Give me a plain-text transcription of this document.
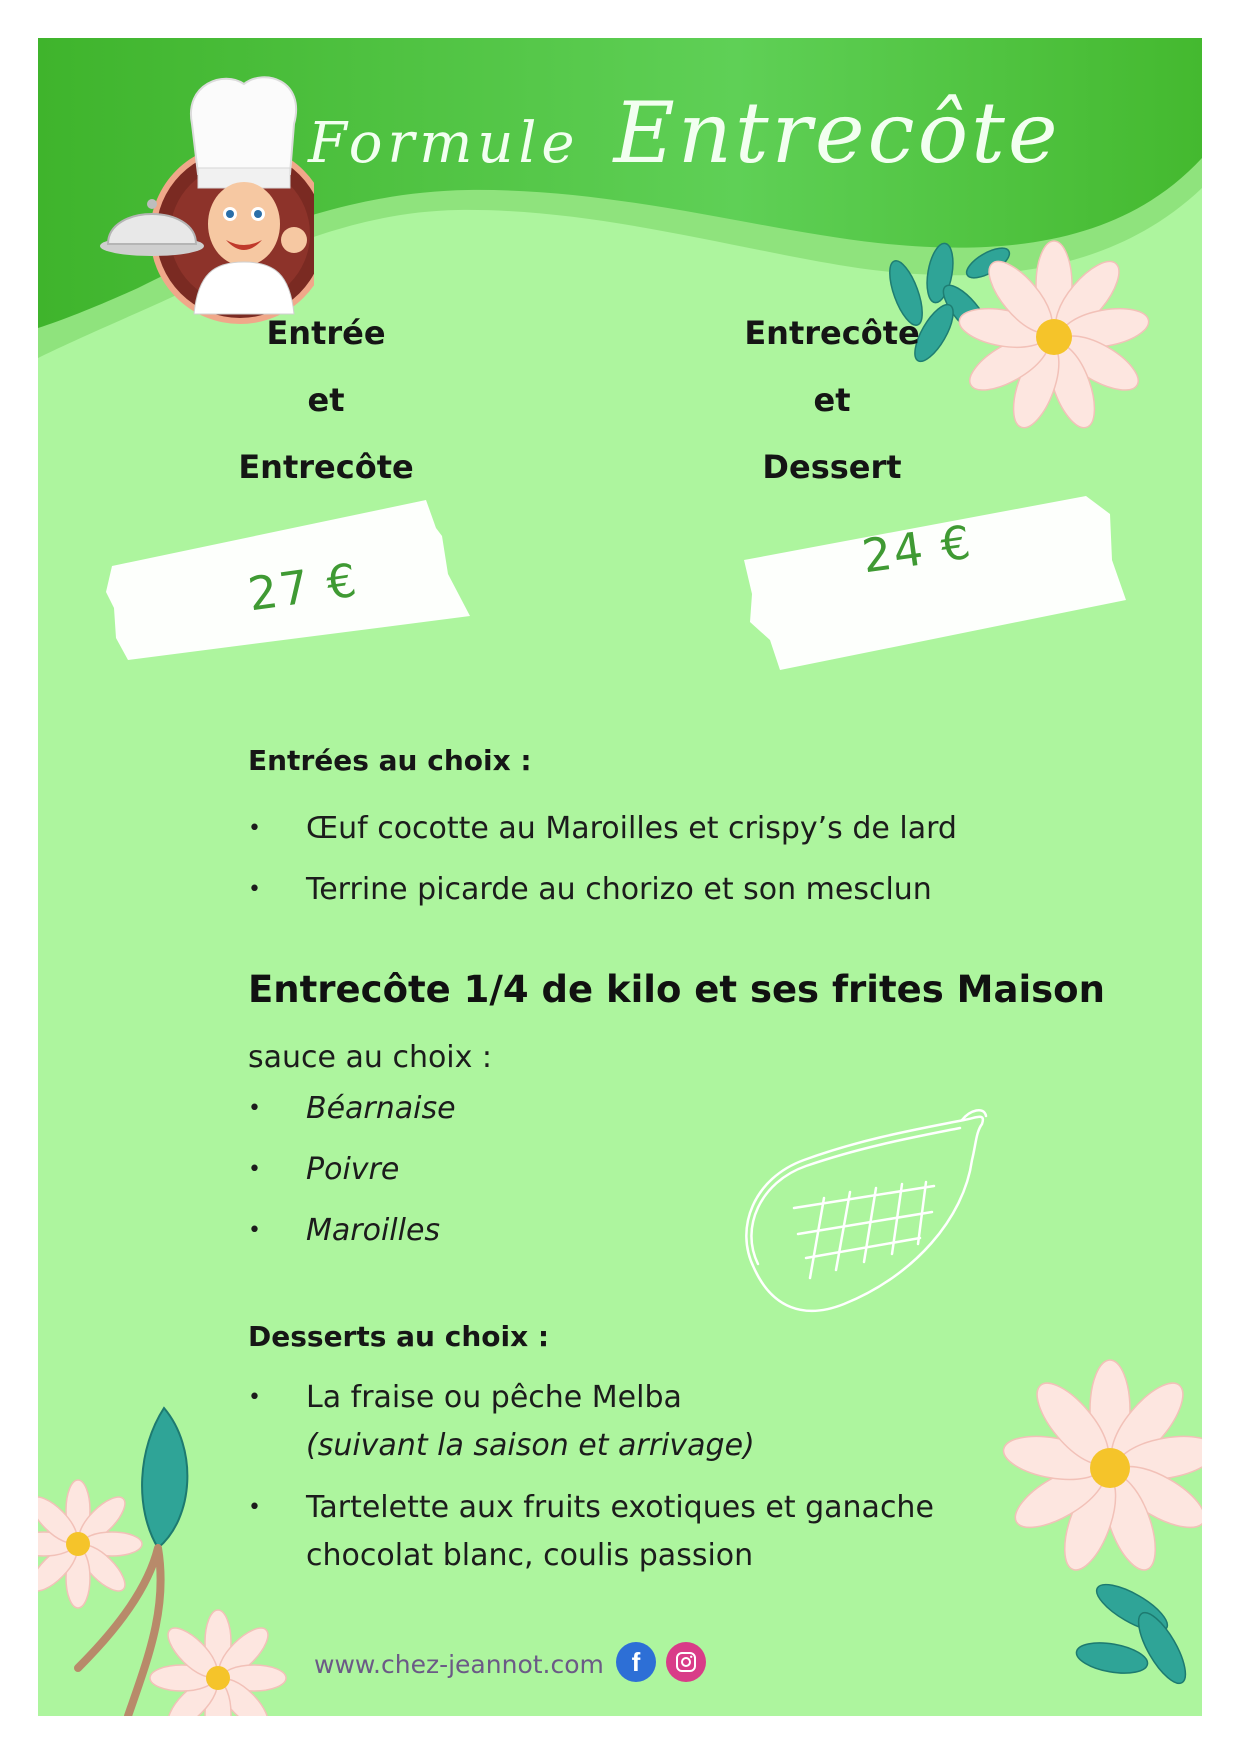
Formule Entrecôte
Entrée
et
Entrecôte
Entrecôte
et
Dessert
27 €
24 €
Entrées au choix :
• Œuf cocotte au Maroilles et crispy’s de lard
• Terrine picarde au chorizo et son mesclun
Entrecôte 1/4 de kilo et ses frites Maison
sauce au choix :
• Béarnaise
• Poivre
• Maroilles
Desserts au choix :
• La fraise ou pêche Melba
(suivant la saison et arrivage)
• Tartelette aux fruits exotiques et ganache
chocolat blanc, coulis passion
www.chez-jeannot.com	f
